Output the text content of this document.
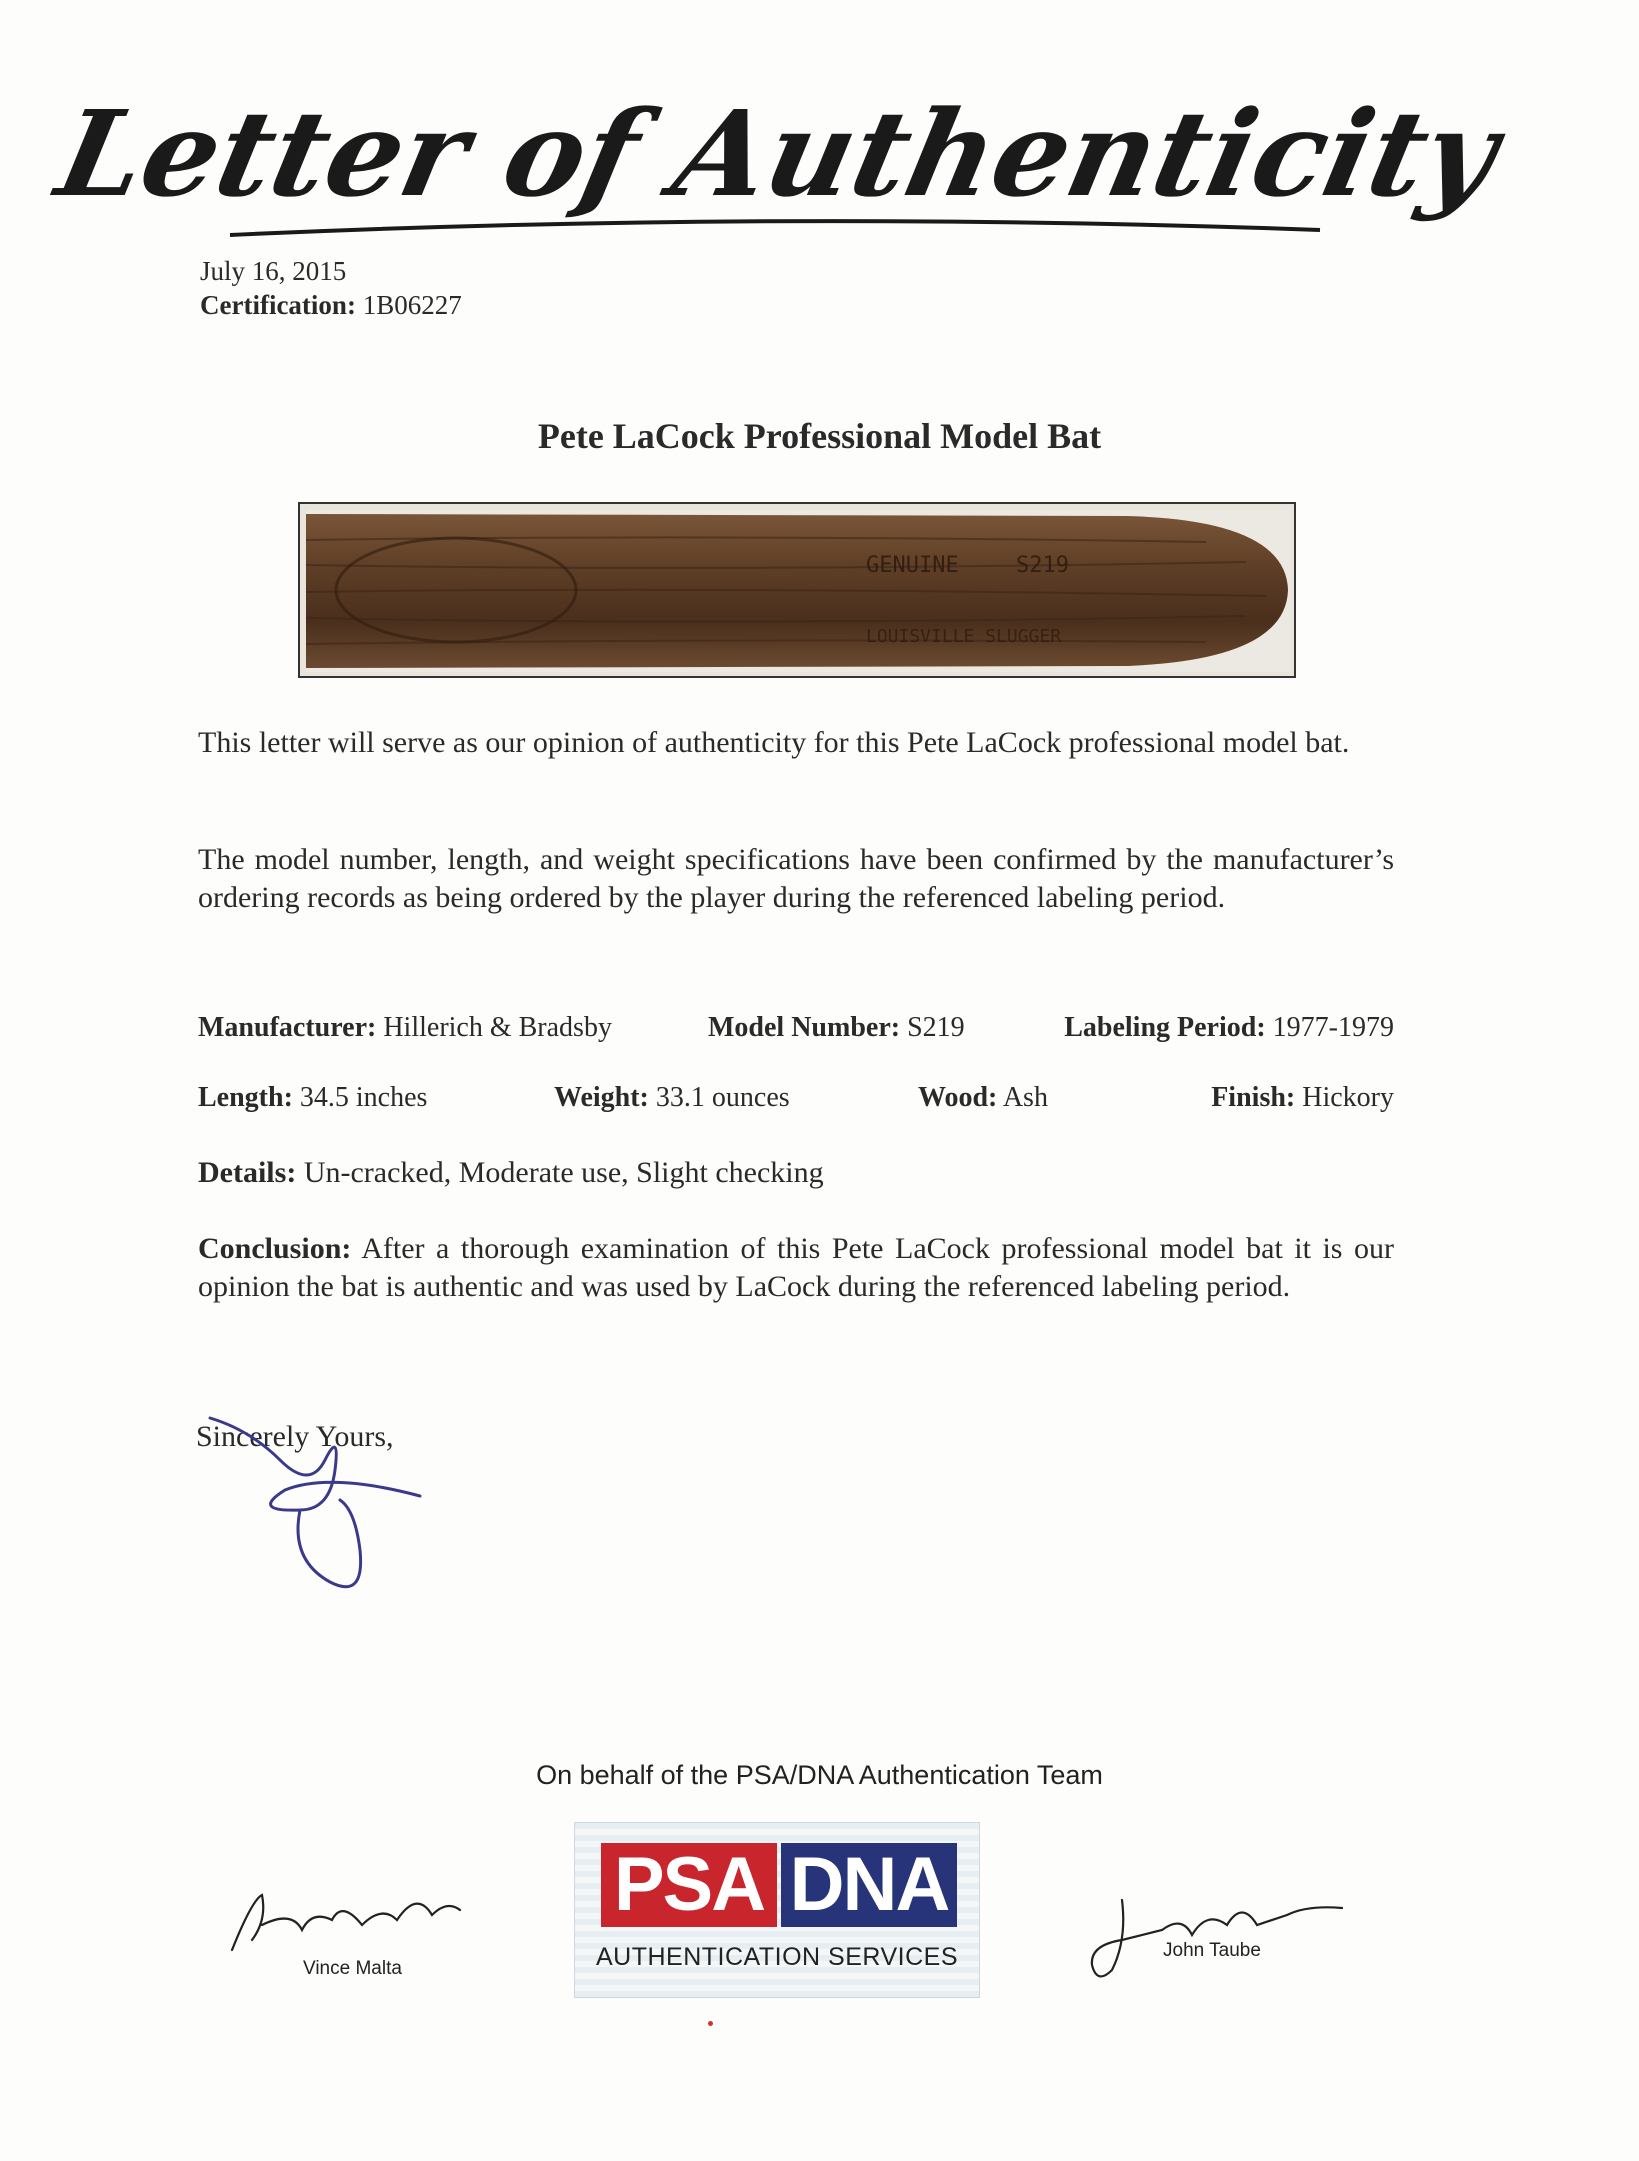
Letter of Authenticity
July 16, 2015
Certification: 1B06227
Pete LaCock Professional Model Bat
GENUINE	S219
LOUISVILLE SLUGGER
This letter will serve as our opinion of authenticity for this Pete LaCock professional model bat.
The model number, length, and weight specifications have been confirmed by the manufacturer’s ordering records as being ordered by the player during the referenced labeling period.
Manufacturer: Hillerich & Bradsby	Model Number: S219	Labeling Period: 1977-1979
Length: 34.5 inches	Weight: 33.1 ounces	Wood: Ash	Finish: Hickory
Details: Un-cracked, Moderate use, Slight checking
Conclusion: After a thorough examination of this Pete LaCock professional model bat it is our opinion the bat is authentic and was used by LaCock during the referenced labeling period.
Sincerely Yours,
On behalf of the PSA/DNA Authentication Team
Vince Malta
PSA DNA
AUTHENTICATION SERVICES	John Taube
